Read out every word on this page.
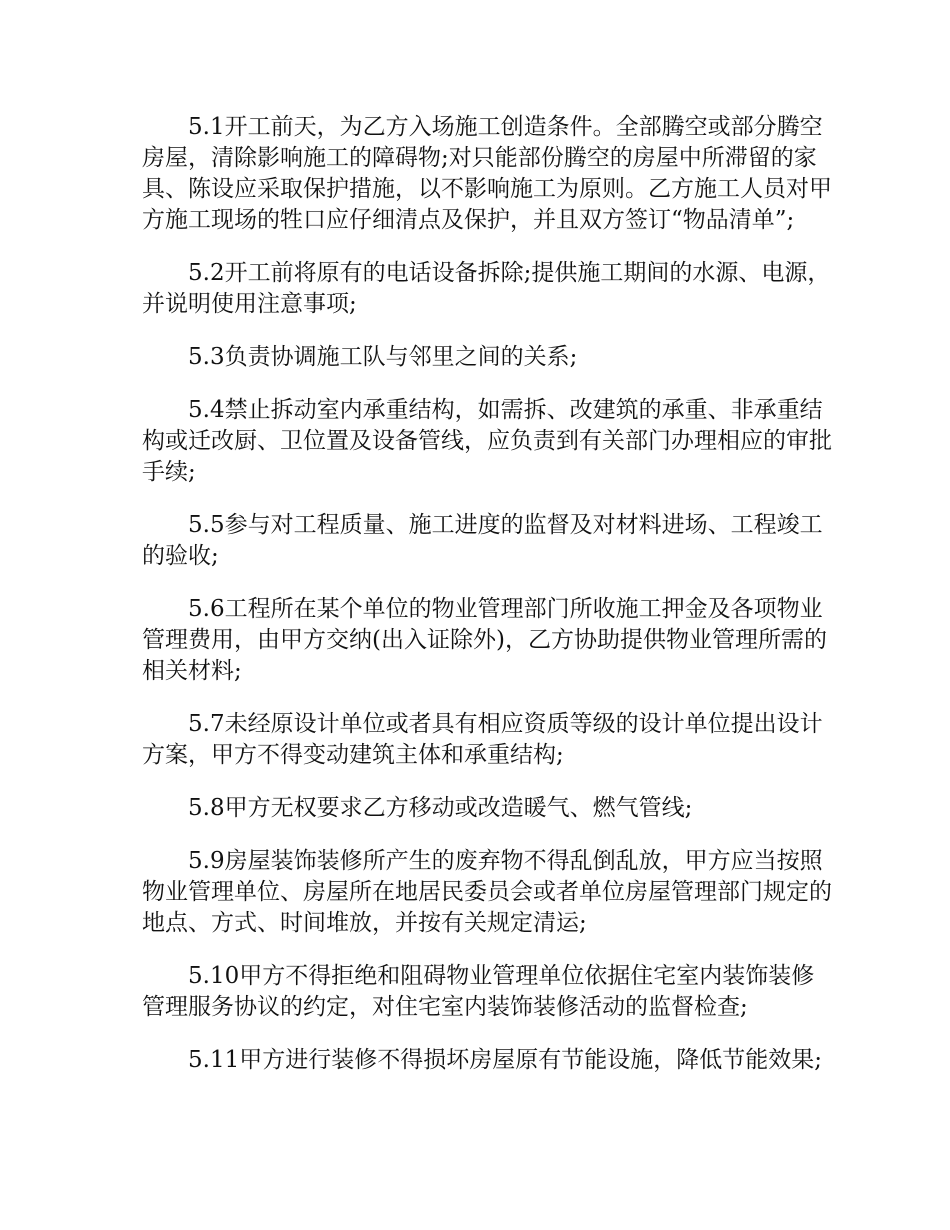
5.1开工前天，为乙方入场施工创造条件。全部腾空或部分腾空房屋，清除影响施工的障碍物;对只能部份腾空的房屋中所滞留的家具、陈设应采取保护措施，以不影响施工为原则。乙方施工人员对甲方施工现场的牲口应仔细清点及保护，并且双方签订“物品清单”;

5.2开工前将原有的电话设备拆除;提供施工期间的水源、电源，并说明使用注意事项;

5.3负责协调施工队与邻里之间的关系;

5.4禁止拆动室内承重结构，如需拆、改建筑的承重、非承重结构或迁改厨、卫位置及设备管线，应负责到有关部门办理相应的审批手续;

5.5参与对工程质量、施工进度的监督及对材料进场、工程竣工的验收;

5.6工程所在某个单位的物业管理部门所收施工押金及各项物业管理费用，由甲方交纳(出入证除外)，乙方协助提供物业管理所需的相关材料;

5.7未经原设计单位或者具有相应资质等级的设计单位提出设计方案，甲方不得变动建筑主体和承重结构;

5.8甲方无权要求乙方移动或改造暖气、燃气管线;

5.9房屋装饰装修所产生的废弃物不得乱倒乱放，甲方应当按照物业管理单位、房屋所在地居民委员会或者单位房屋管理部门规定的地点、方式、时间堆放，并按有关规定清运;

5.10甲方不得拒绝和阻碍物业管理单位依据住宅室内装饰装修管理服务协议的约定，对住宅室内装饰装修活动的监督检查;

5.11甲方进行装修不得损坏房屋原有节能设施，降低节能效果;
